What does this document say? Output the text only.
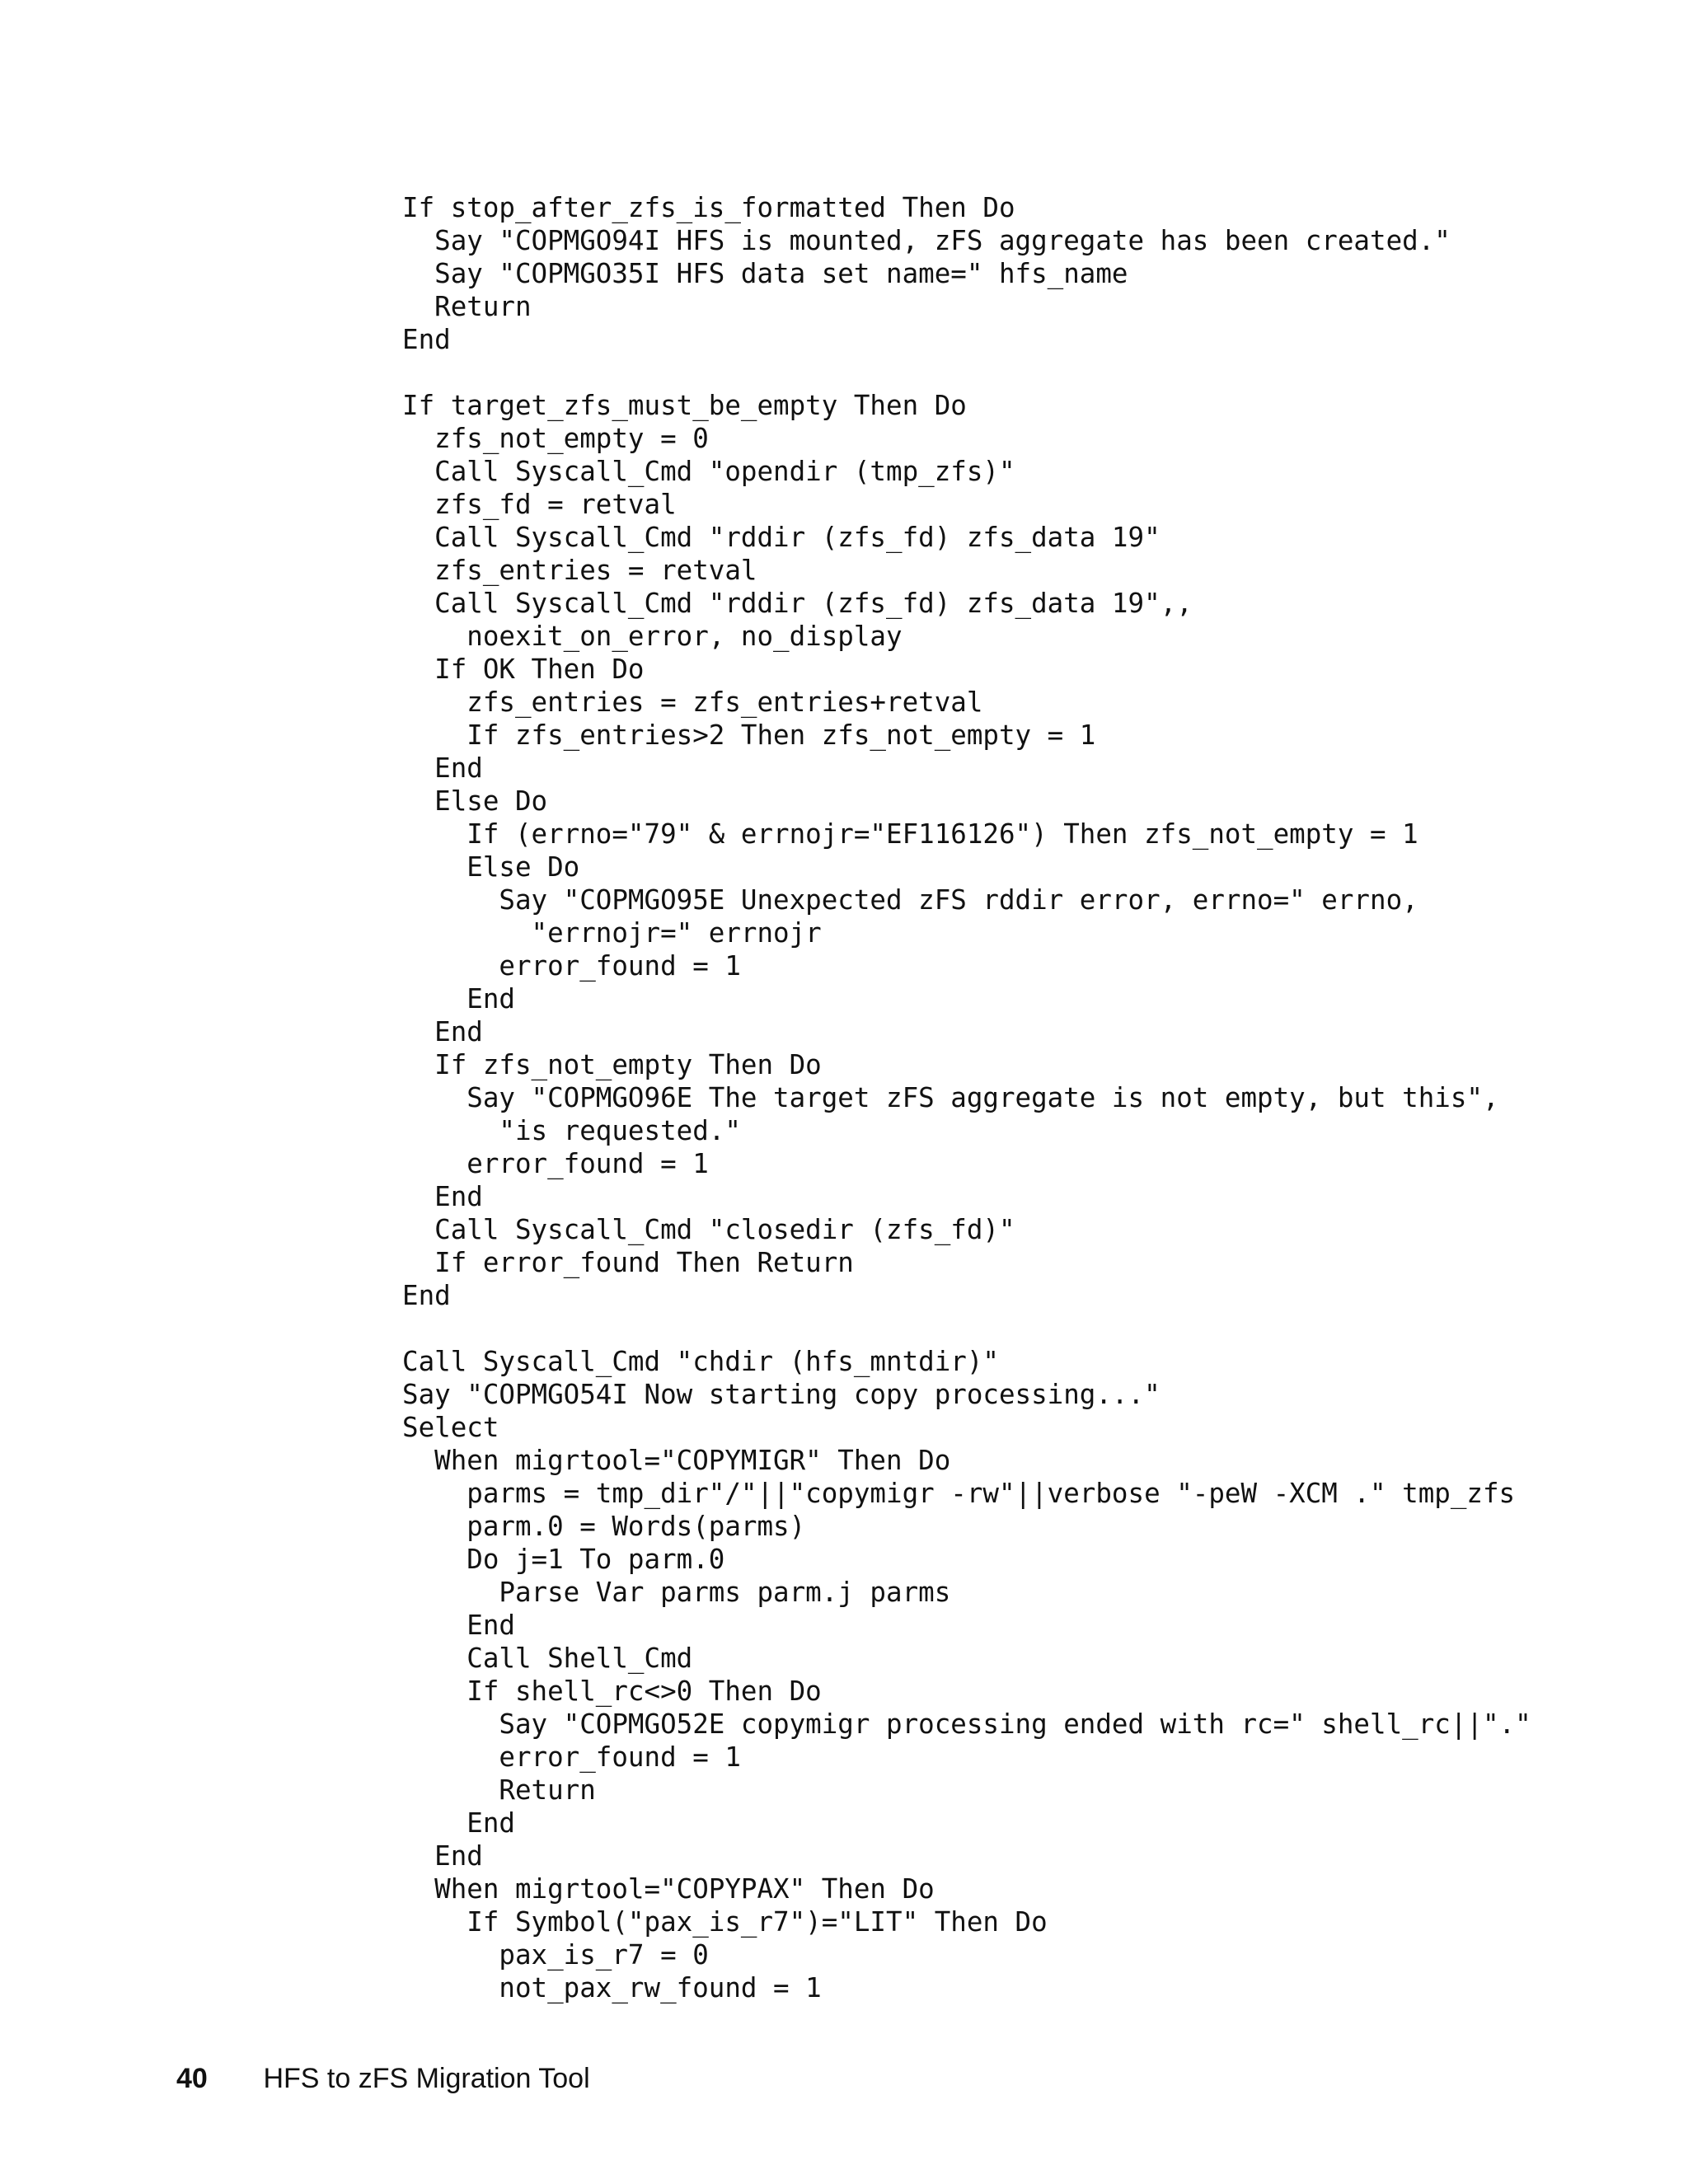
If stop_after_zfs_is_formatted Then Do
Say "COPMGO94I HFS is mounted, zFS aggregate has been created."
Say "COPMGO35I HFS data set name=" hfs_name
Return
End
If target_zfs_must_be_empty Then Do
zfs_not_empty = 0
Call Syscall_Cmd "opendir (tmp_zfs)"
zfs_fd = retval
Call Syscall_Cmd "rddir (zfs_fd) zfs_data 19"
zfs_entries = retval
Call Syscall_Cmd "rddir (zfs_fd) zfs_data 19",,
noexit_on_error, no_display
If OK Then Do
zfs_entries = zfs_entries+retval
If zfs_entries>2 Then zfs_not_empty = 1
End
Else Do
If (errno="79" & errnojr="EF116126") Then zfs_not_empty = 1
Else Do
Say "COPMGO95E Unexpected zFS rddir error, errno=" errno,
"errnojr=" errnojr
error_found = 1
End
End
If zfs_not_empty Then Do
Say "COPMGO96E The target zFS aggregate is not empty, but this",
"is requested."
error_found = 1
End
Call Syscall_Cmd "closedir (zfs_fd)"
If error_found Then Return
End
Call Syscall_Cmd "chdir (hfs_mntdir)"
Say "COPMGO54I Now starting copy processing..."
Select
When migrtool="COPYMIGR" Then Do
parms = tmp_dir"/"||"copymigr -rw"||verbose "-peW -XCM ." tmp_zfs
parm.0 = Words(parms)
Do j=1 To parm.0
Parse Var parms parm.j parms
End
Call Shell_Cmd
If shell_rc<>0 Then Do
Say "COPMGO52E copymigr processing ended with rc=" shell_rc||"."
error_found = 1
Return
End
End
When migrtool="COPYPAX" Then Do
If Symbol("pax_is_r7")="LIT" Then Do
pax_is_r7 = 0
not_pax_rw_found = 1
40 HFS to zFS Migration Tool
